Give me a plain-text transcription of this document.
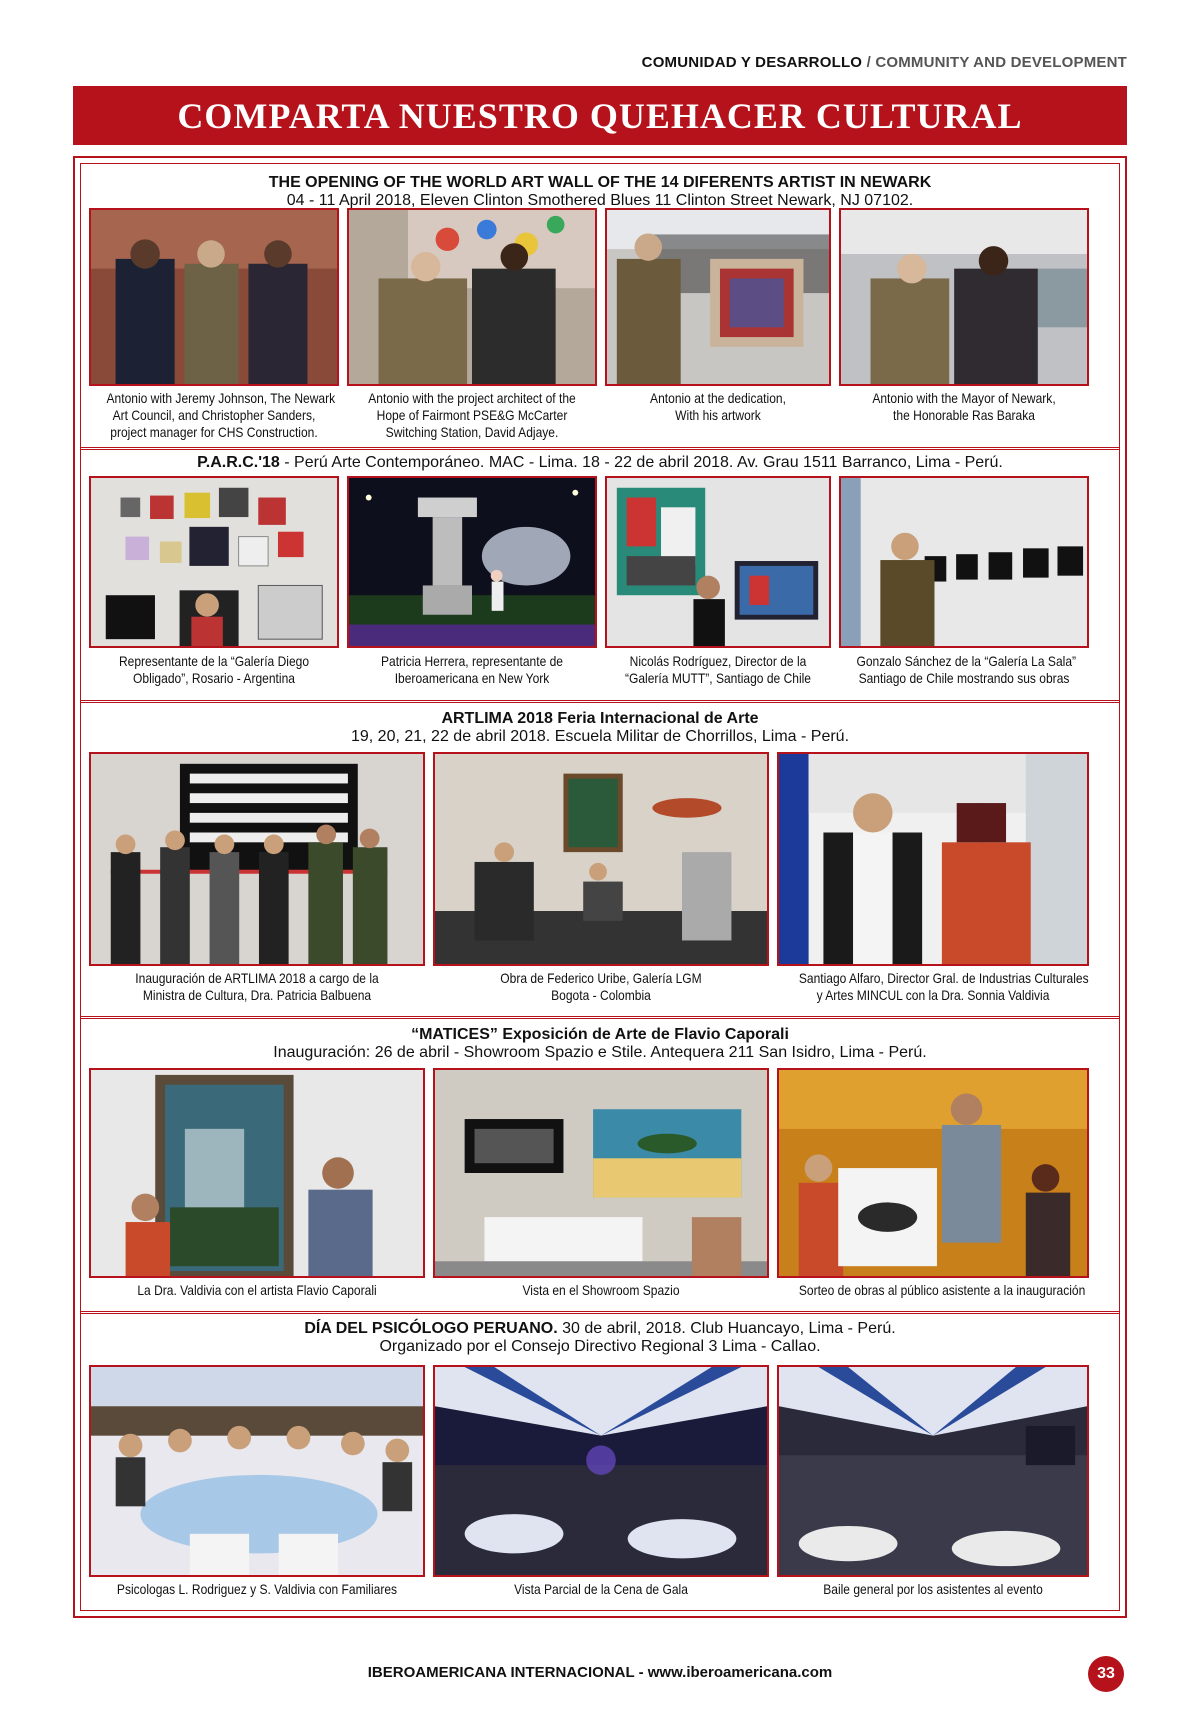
COMUNIDAD Y DESARROLLO / COMMUNITY AND DEVELOPMENT
COMPARTA NUESTRO QUEHACER CULTURAL
THE OPENING OF THE WORLD ART WALL OF THE 14 DIFERENTS ARTIST IN NEWARK
04 - 11 April 2018, Eleven Clinton Smothered Blues 11 Clinton Street Newark, NJ 07102.
Antonio with Jeremy Johnson, The Newark
Art Council, and Christopher Sanders,
project manager for CHS Construction.
Antonio with the project architect of the
Hope of Fairmont PSE&G McCarter
Switching Station, David Adjaye.
Antonio at the dedication,
With his artwork
Antonio with the Mayor of Newark,
the Honorable Ras Baraka
P.A.R.C.'18 - Perú Arte Contemporáneo. MAC - Lima. 18 - 22 de abril 2018. Av. Grau 1511 Barranco, Lima - Perú.
Representante de la “Galería Diego
Obligado”, Rosario - Argentina
Patricia Herrera, representante de
Iberoamericana en New York
Nicolás Rodríguez, Director de la
“Galería MUTT”, Santiago de Chile
Gonzalo Sánchez de la “Galería La Sala”
Santiago de Chile mostrando sus obras
ARTLIMA 2018 Feria Internacional de Arte
19, 20, 21, 22 de abril 2018. Escuela Militar de Chorrillos, Lima - Perú.
Inauguración de ARTLIMA 2018 a cargo de la
Ministra de Cultura, Dra. Patricia Balbuena
Obra de Federico Uribe, Galería LGM
Bogota - Colombia
Santiago Alfaro, Director Gral. de Industrias Culturales
y Artes MINCUL con la Dra. Sonnia Valdivia
“MATICES” Exposición de Arte de Flavio Caporali
Inauguración: 26 de abril - Showroom Spazio e Stile. Antequera 211 San Isidro, Lima - Perú.
La Dra. Valdivia con el artista Flavio Caporali	Vista en el Showroom Spazio	Sorteo de obras al público asistente a la inauguración
DÍA DEL PSICÓLOGO PERUANO. 30 de abril, 2018. Club Huancayo, Lima - Perú.
Organizado por el Consejo Directivo Regional 3 Lima - Callao.
Psicologas L. Rodriguez y S. Valdivia con Familiares	Vista Parcial de la Cena de Gala	Baile general por los asistentes al evento
IBEROAMERICANA INTERNACIONAL - www.iberoamericana.com	33
